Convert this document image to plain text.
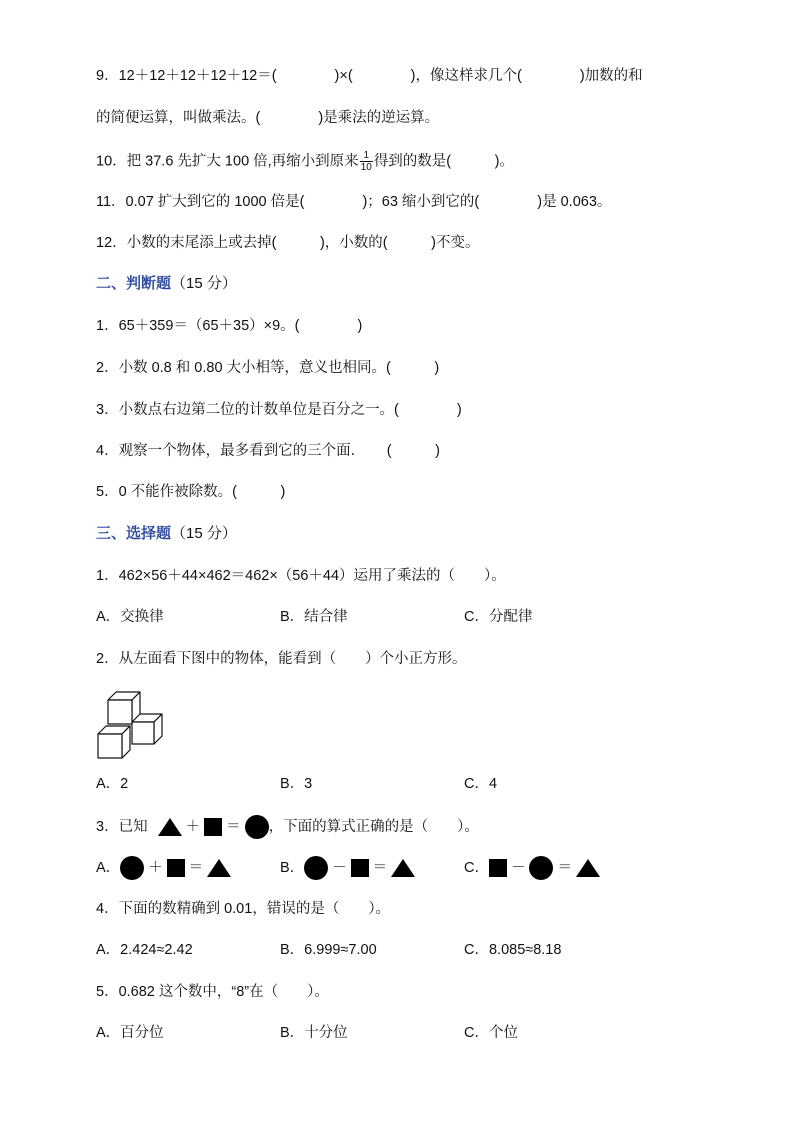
9．12＋12＋12＋12＋12＝(　　　　)×(　　　　)，像这样求几个(　　　　)加数的和
的简便运算，叫做乘法。(　　　　)是乘法的逆运算。
10．把 37.6 先扩大 100 倍,再缩小到原来 $\frac{1}{10}$ 得到的数是(　　　)。
11．0.07 扩大到它的 1000 倍是(　　　　)；63 缩小到它的(　　　　)是 0.063。
12．小数的末尾添上或去掉(　　　)，小数的(　　　)不变。
二、判断题（15 分）
1．65＋359＝（65＋35）×9。(　　　　)
2．小数 0.8 和 0.80 大小相等，意义也相同。(　　　)
3．小数点右边第二位的计数单位是百分之一。(　　　　)
4．观察一个物体，最多看到它的三个面．　　(　　　)
5．0 不能作被除数。(　　　)
三、选择题（15 分）
1．462×56＋44×462＝462×（56＋44）运用了乘法的（　　）。
A．交换律	B．结合律	C．分配律
2．从左面看下图中的物体，能看到（　　）个小正方形。
A．2	B．3	C．4
3．已知	＋ ＝ ，下面的算式正确的是（　　）。
A． ＋ ＝	B． － ＝	C． － ＝
4．下面的数精确到 0.01，错误的是（　　）。
A．2.424≈2.42	B．6.999≈7.00	C．8.085≈8.18
5．0.682 这个数中，“8”在（　　）。
A．百分位	B．十分位	C．个位
